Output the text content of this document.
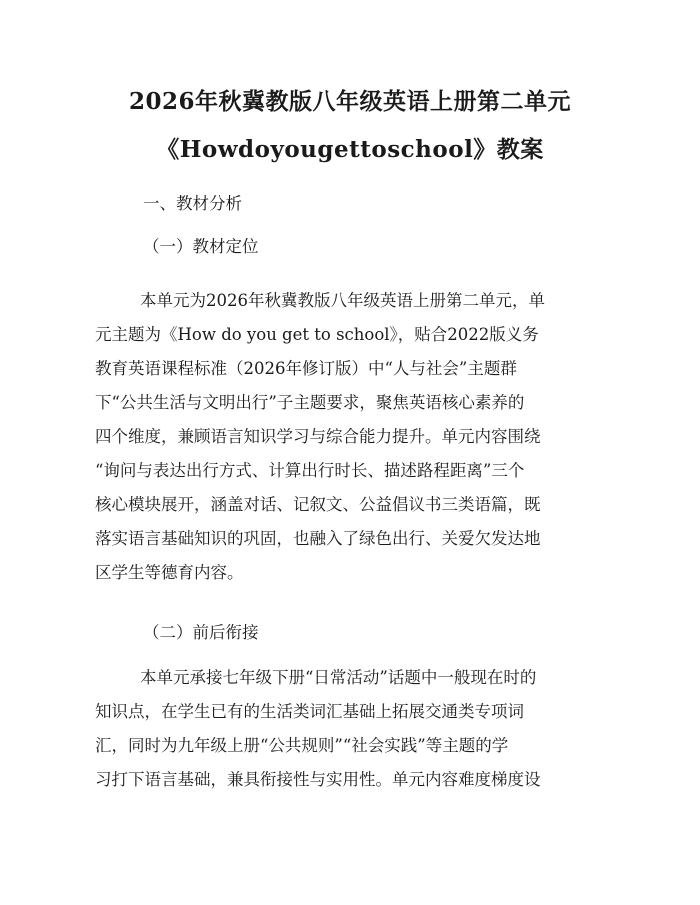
2026年秋冀教版八年级英语上册第二单元
《Howdoyougettoschool》教案
一、教材分析
（一）教材定位
本单元为2026年秋冀教版八年级英语上册第二单元，单
元主题为《How do you get to school》，贴合2022版义务
教育英语课程标准（2026年修订版）中“人与社会”主题群
下“公共生活与文明出行”子主题要求，聚焦英语核心素养的
四个维度，兼顾语言知识学习与综合能力提升。单元内容围绕
“询问与表达出行方式、计算出行时长、描述路程距离”三个
核心模块展开，涵盖对话、记叙文、公益倡议书三类语篇，既
落实语言基础知识的巩固，也融入了绿色出行、关爱欠发达地
区学生等德育内容。
（二）前后衔接
本单元承接七年级下册“日常活动”话题中一般现在时的
知识点，在学生已有的生活类词汇基础上拓展交通类专项词
汇，同时为九年级上册“公共规则”“社会实践”等主题的学
习打下语言基础，兼具衔接性与实用性。单元内容难度梯度设
